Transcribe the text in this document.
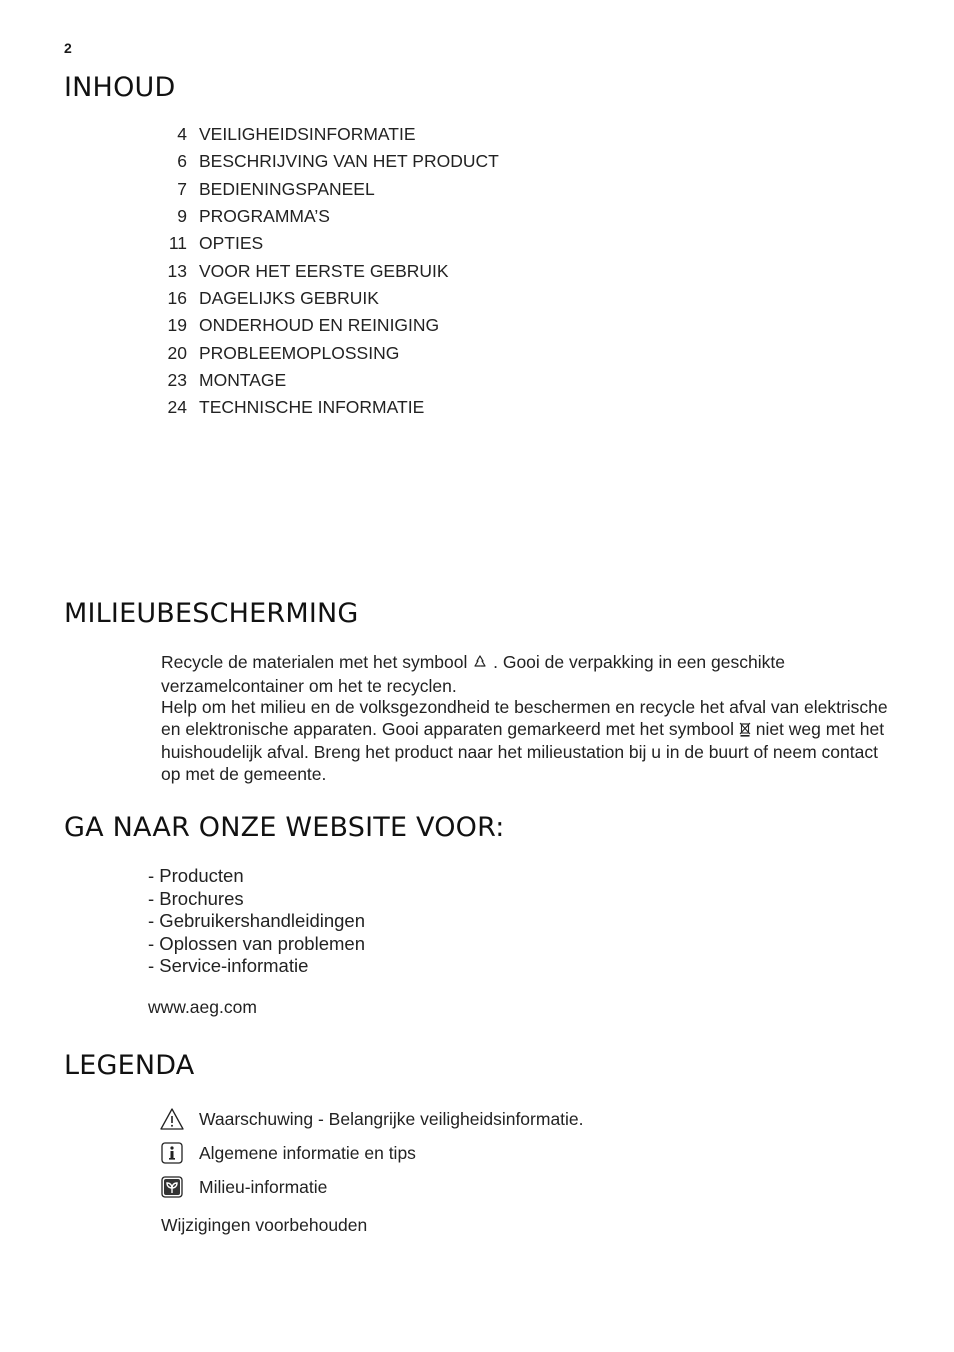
2
INHOUD
4 VEILIGHEIDSINFORMATIE
6 BESCHRIJVING VAN HET PRODUCT
7 BEDIENINGSPANEEL
9 PROGRAMMA’S
11 OPTIES
13 VOOR HET EERSTE GEBRUIK
16 DAGELIJKS GEBRUIK
19 ONDERHOUD EN REINIGING
20 PROBLEEMOPLOSSING
23 MONTAGE
24 TECHNISCHE INFORMATIE
MILIEUBESCHERMING

Recycle de materialen met het symbool  . Gooi de verpakking in een geschikte verzamelcontainer om het te recyclen.

Help om het milieu en de volksgezondheid te beschermen en recycle het afval van elektrische en elektronische apparaten. Gooi apparaten gemarkeerd met het symbool  niet weg met het huishoudelijk afval. Breng het product naar het milieustation bij u in de buurt of neem contact op met de gemeente.

GA NAAR ONZE WEBSITE VOOR:
- Producten
- Brochures
- Gebruikershandleidingen
- Oplossen van problemen
- Service-informatie
www.aeg.com
LEGENDA
Waarschuwing - Belangrijke veiligheidsinformatie.
Algemene informatie en tips
Milieu-informatie
Wijzigingen voorbehouden
